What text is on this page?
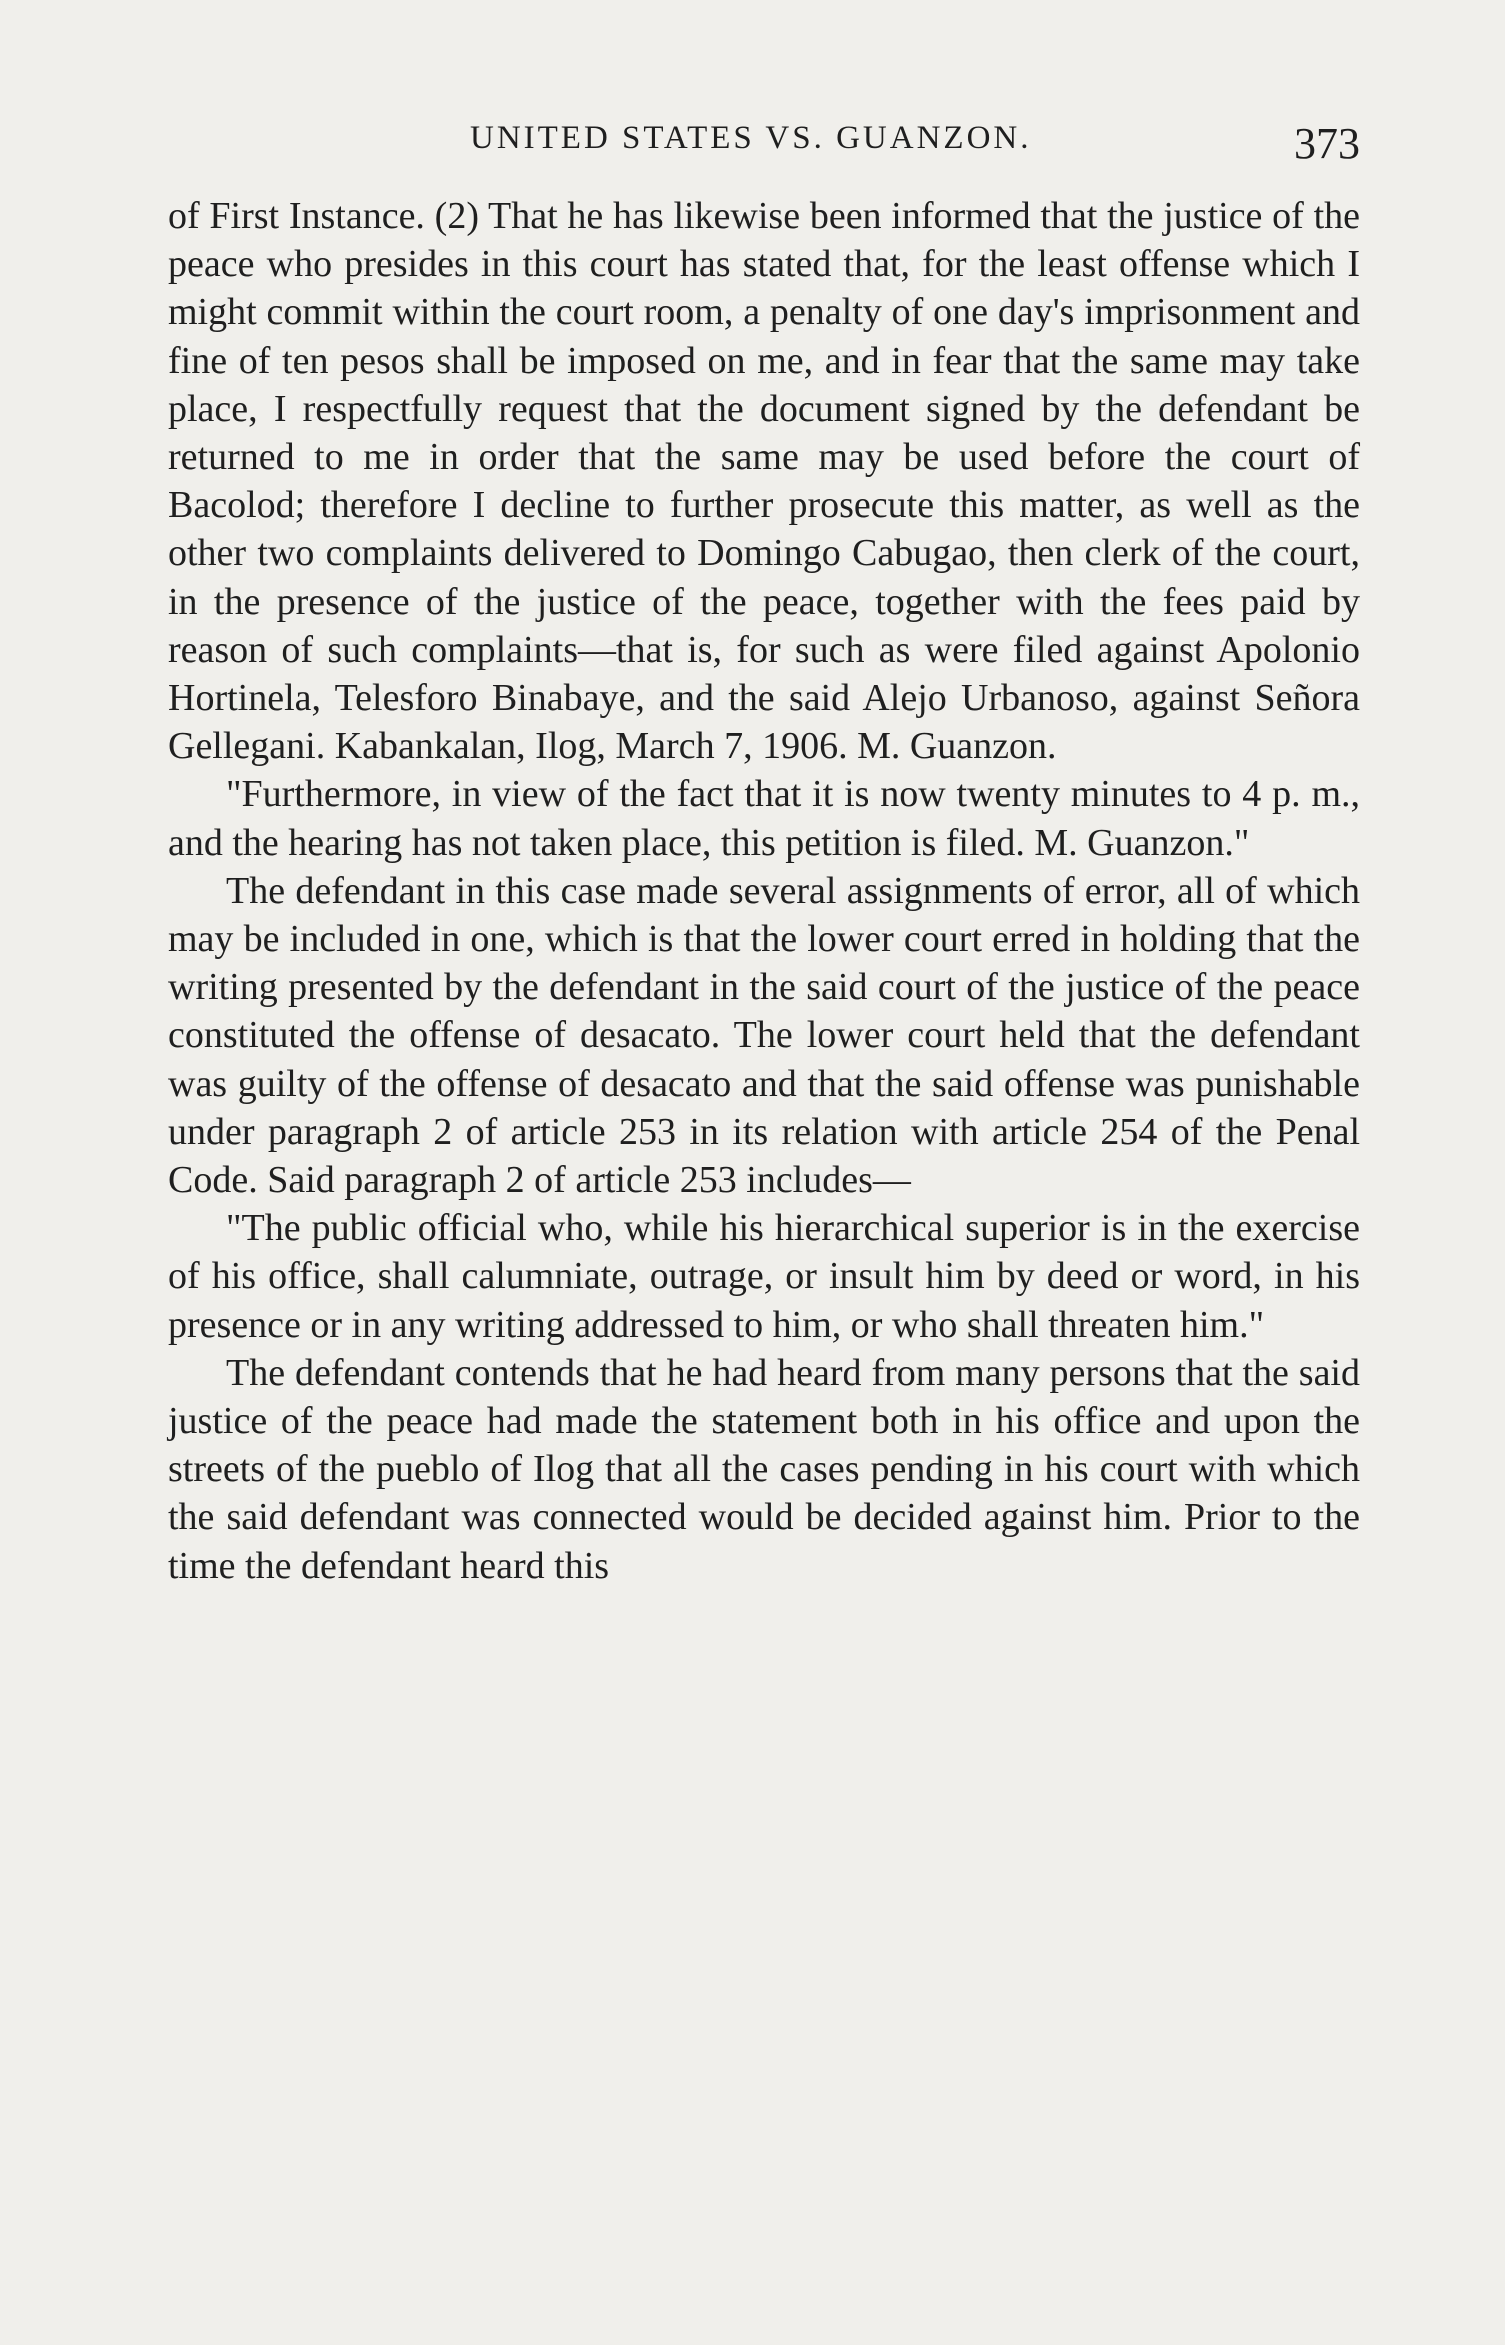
UNITED STATES VS. GUANZON.	373

of First Instance. (2) That he has likewise been informed that the justice of the peace who presides in this court has stated that, for the least offense which I might commit within the court room, a penalty of one day's imprisonment and fine of ten pesos shall be imposed on me, and in fear that the same may take place, I respectfully request that the document signed by the defendant be returned to me in order that the same may be used before the court of Bacolod; therefore I decline to further prosecute this matter, as well as the other two complaints delivered to Domingo Cabugao, then clerk of the court, in the presence of the justice of the peace, together with the fees paid by reason of such complaints—that is, for such as were filed against Apolonio Hortinela, Telesforo Binabaye, and the said Alejo Urbanoso, against Señora Gellegani. Kabankalan, Ilog, March 7, 1906. M. Guanzon.

"Furthermore, in view of the fact that it is now twenty minutes to 4 p. m., and the hearing has not taken place, this petition is filed. M. Guanzon."

The defendant in this case made several assignments of error, all of which may be included in one, which is that the lower court erred in holding that the writing presented by the defendant in the said court of the justice of the peace constituted the offense of desacato. The lower court held that the defendant was guilty of the offense of desacato and that the said offense was punishable under paragraph 2 of article 253 in its relation with article 254 of the Penal Code. Said paragraph 2 of article 253 includes—

"The public official who, while his hierarchical superior is in the exercise of his office, shall calumniate, outrage, or insult him by deed or word, in his presence or in any writing addressed to him, or who shall threaten him."

The defendant contends that he had heard from many persons that the said justice of the peace had made the statement both in his office and upon the streets of the pueblo of Ilog that all the cases pending in his court with which the said defendant was connected would be decided against him. Prior to the time the defendant heard this
